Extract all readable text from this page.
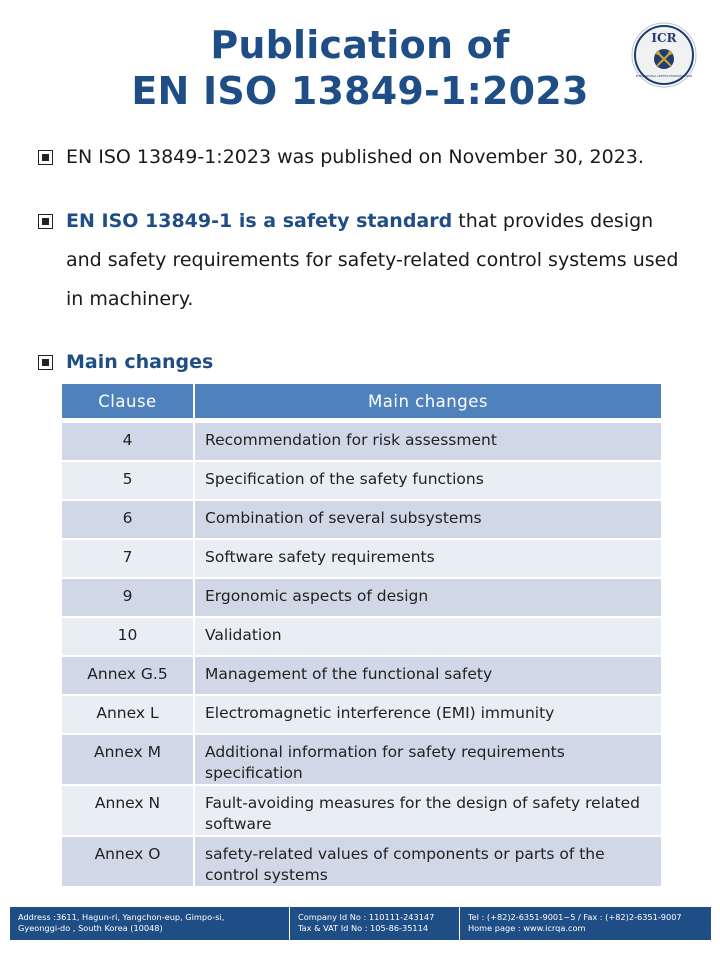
Publication of
EN ISO 13849-1:2023
ICR
INTERNATIONAL CERTIFICATION REGISTRAR
EN ISO 13849-1:2023 was published on November 30, 2023.
EN ISO 13849-1 is a safety standard that provides design and safety requirements for safety-related control systems used in machinery.
Main changes
Clause	Main changes
4	Recommendation for risk assessment
5	Specification of the safety functions
6	Combination of several subsystems
7	Software safety requirements
9	Ergonomic aspects of design
10	Validation
Annex G.5	Management of the functional safety
Annex L	Electromagnetic interference (EMI) immunity
Annex M	Additional information for safety requirements specification
Annex N	Fault-avoiding measures for the design of safety related software
Annex O	safety-related values of components or parts of the control systems
Address :3611, Hagun-ri, Yangchon-eup, Gimpo-si,
Gyeonggi-do , South Korea (10048)
Company Id No : 110111-243147
Tax & VAT Id No : 105-86-35114
Tel : (+82)2-6351-9001~5 / Fax : (+82)2-6351-9007
Home page : www.icrqa.com
